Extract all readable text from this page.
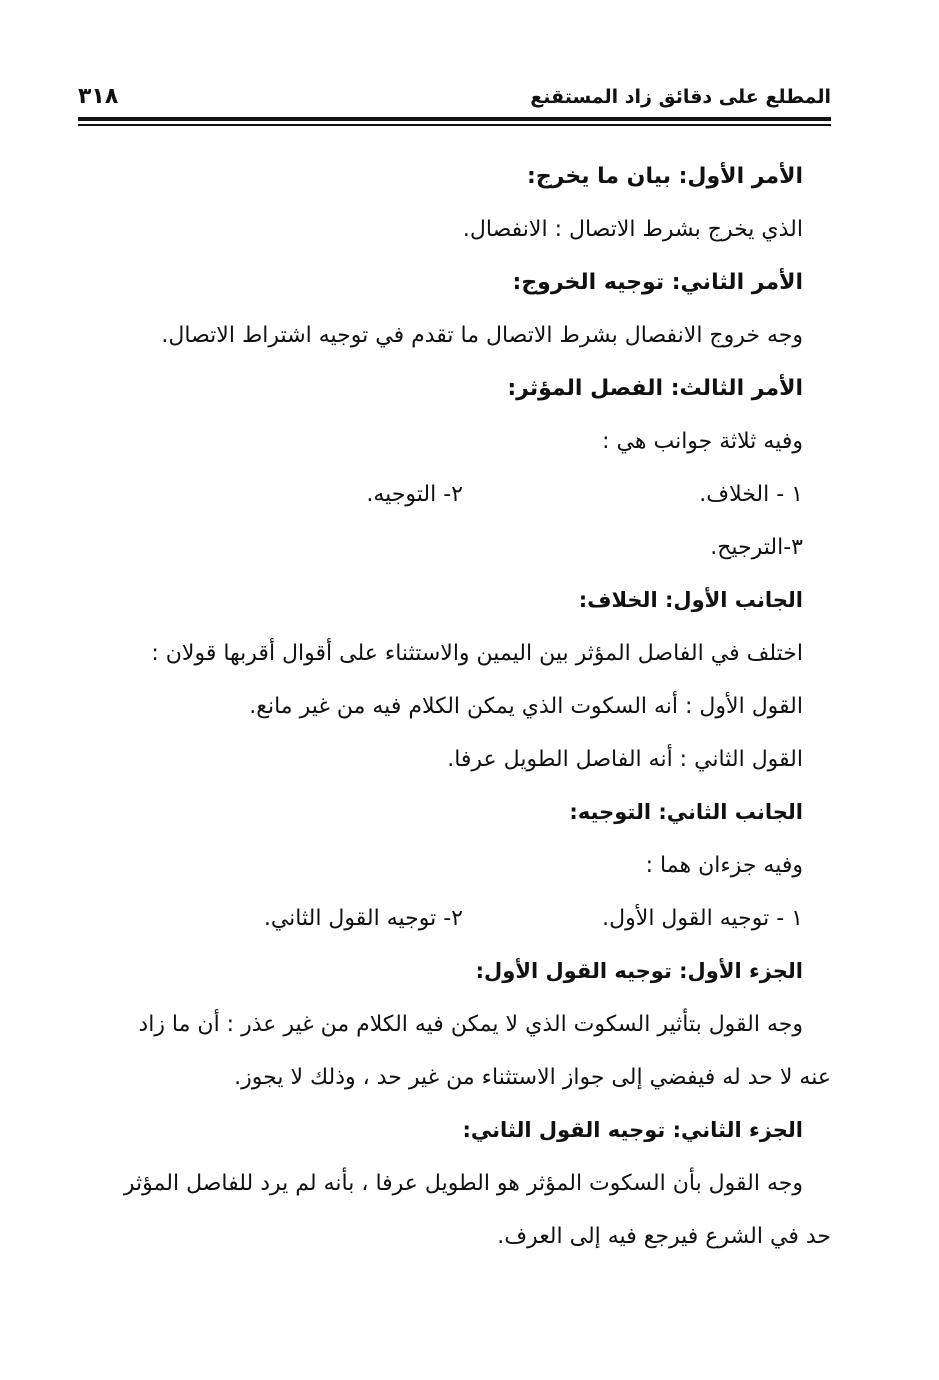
المطلع على دقائق زاد المستقنع
٣١٨
الأمر الأول: بيان ما يخرج:
الذي يخرج بشرط الاتصال : الانفصال.
الأمر الثاني: توجيه الخروج:
وجه خروج الانفصال بشرط الاتصال ما تقدم في توجيه اشتراط الاتصال.
الأمر الثالث: الفصل المؤثر:
وفيه ثلاثة جوانب هي :
١ - الخلاف.
٢- التوجيه.
٣-الترجيح.
الجانب الأول: الخلاف:
اختلف في الفاصل المؤثر بين اليمين والاستثناء على أقوال أقربها قولان :
القول الأول : أنه السكوت الذي يمكن الكلام فيه من غير مانع.
القول الثاني : أنه الفاصل الطويل عرفا.
الجانب الثاني: التوجيه:
وفيه جزءان هما :
١ - توجيه القول الأول.
٢- توجيه القول الثاني.
الجزء الأول: توجيه القول الأول:
وجه القول بتأثير السكوت الذي لا يمكن فيه الكلام من غير عذر : أن ما زاد
عنه لا حد له فيفضي إلى جواز الاستثناء من غير حد ، وذلك لا يجوز.
الجزء الثاني: توجيه القول الثاني:
وجه القول بأن السكوت المؤثر هو الطويل عرفا ، بأنه لم يرد للفاصل المؤثر
حد في الشرع فيرجع فيه إلى العرف.
